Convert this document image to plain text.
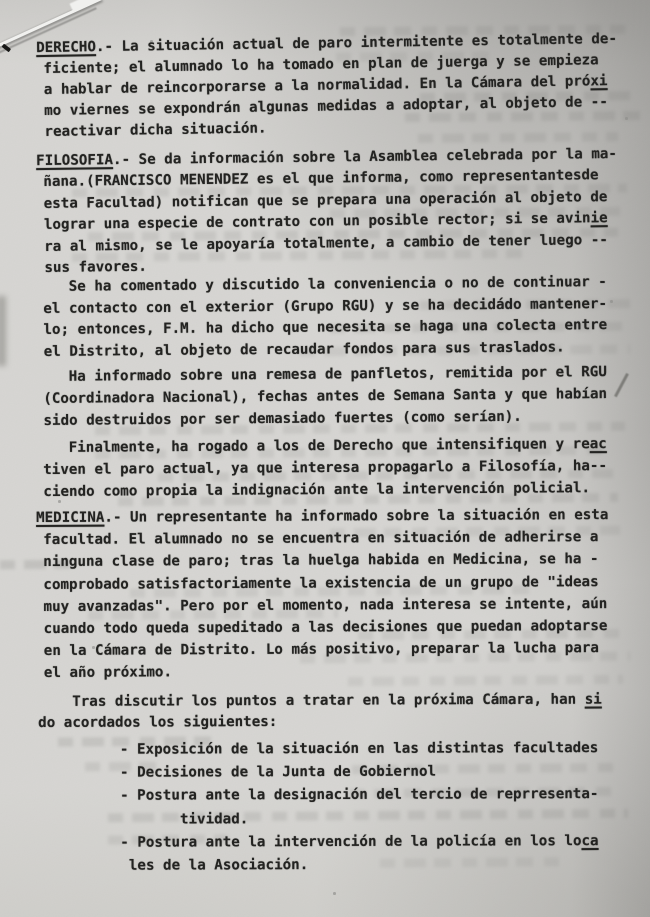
DERECHO.- La situación actual de paro intermitente es totalmente de-
ficiente; el alumnado lo ha tomado en plan de juerga y se empieza
a hablar de reincorporarse a la normalidad. En la Cámara del próxi
mo viernes se expondrán algunas medidas a adoptar, al objeto de --
reactivar dicha situación.
FILOSOFIA.- Se da información sobre la Asamblea celebrada por la ma-
ñana.(FRANCISCO MENENDEZ es el que informa, como representantesde
esta Facultad) notifican que se prepara una operación al objeto de
lograr una especie de contrato con un posible rector; si se avinie
ra al mismo, se le apoyaría totalmente, a cambio de tener luego --
sus favores.
Se ha comentado y discutido la conveniencia o no de continuar -
el contacto con el exterior (Grupo RGU) y se ha decidádo mantener-
lo; entonces, F.M. ha dicho que necesita se haga una colecta entre
el Distrito, al objeto de recaudar fondos para sus traslados.
Ha informado sobre una remesa de panfletos, remitida por el RGU
(Coordinadora Nacional), fechas antes de Semana Santa y que habían
sido destruidos por ser demasiado fuertes (como serían).
Finalmente, ha rogado a los de Derecho que intensifiquen y reac
tiven el paro actual, ya que interesa propagarlo a Filosofía, ha--
ciendo como propia la indignación ante la intervención policial.
MEDICINA.- Un representante ha informado sobre la situación en esta
facultad. El alumnado no se encuentra en situación de adherirse a
ninguna clase de paro; tras la huelga habida en Medicina, se ha -
comprobado satisfactoriamente la existencia de un grupo de "ideas
muy avanzadas". Pero por el momento, nada interesa se intente, aún
cuando todo queda supeditado a las decisiones que puedan adoptarse
en la Cámara de Distrito. Lo más positivo, preparar la lucha para
el año próximo.
Tras discutir los puntos a tratar en la próxima Cámara, han si
do acordados los siguientes:
- Exposición de la situación en las distintas facultades
- Decisiones de la Junta de Gobiernol
- Postura ante la designación del tercio de reprresenta-
tividad.
- Postura ante la intervención de la policía en los loca
les de la Asociación.
